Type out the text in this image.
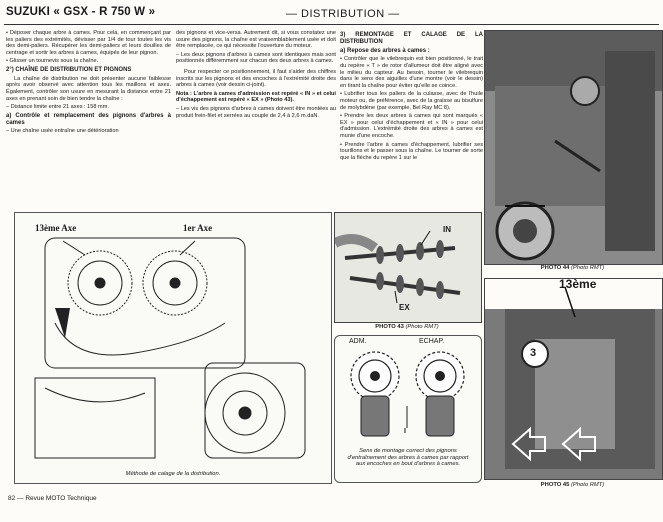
SUZUKI « GSX - R 750 W »	— DISTRIBUTION —

• Déposer chaque arbre à cames. Pour cela, en commençant par les paliers des extrémités, dévisser par 1/4 de tour toutes les vis des demi-paliers. Récupérer les demi-paliers et leurs douilles de centrage et sortir les arbres à cames, équipés de leur pignon.

• Glisser un tournevis sous la chaîne.

2°) CHAÎNE DE DISTRIBUTION ET PIGNONS

La chaîne de distribution ne doit présenter aucune faiblesse après avoir observé avec attention tous les maillons et axes. Également, contrôler son usure en mesurant la distance entre 21 axes en prenant soin de bien tendre la chaîne :

– Distance limite entre 21 axes : 158 mm.

a) Contrôle et remplacement des pignons d'arbres à cames

– Une chaîne usée entraîne une détérioration

des pignons et vice-versa. Autrement dit, si vous constatez une usure des pignons, la chaîne est vraisemblablement usée et doit être remplacée, ce qui nécessite l'ouverture du moteur.

– Les deux pignons d'arbres à cames sont identiques mais sont positionnés différemment sur chacun des deux arbres à cames.

Pour respecter ce positionnement, il faut s'aider des chiffres inscrits sur les pignons et des encoches à l'extrémité droite des arbres à cames (voir dessin ci-joint).

Nota : L'arbre à cames d'admission est repéré « IN » et celui d'échappement est repéré « EX » (Photo 43).

– Les vis des pignons d'arbres à cames doivent être montées au produit frein-filet et serrées au couple de 2,4 à 2,6 m.daN.

3) REMONTAGE ET CALAGE DE LA DISTRIBUTION
a) Repose des arbres à cames :

• Contrôler que le vilebrequin est bien positionné, le trait du repère « T » de rotor d'allumeur doit être aligné avec le milieu du capteur. Au besoin, tourner le vilebrequin dans le sens des aiguilles d'une montre (voir le dessin) en tirant la chaîne pour éviter qu'elle se coince.

• Lubrifier tous les paliers de la culasse, avec de l'huile moteur ou, de préférence, avec de la graisse au bisulfure de molybdène (par exemple, Bel Ray MC 8).

• Prendre les deux arbres à cames qui sont marqués « EX » pour celui d'échappement et « IN » pour celui d'admission. L'extrémité droite des arbres à cames est munie d'une encoche.

• Prendre l'arbre à cames d'échappement, lubrifier ses tourillons et le passer sous la chaîne. Le tourner de sorte que la flèche du repère 1 sur le

PHOTO 44 (Photo RMT)
13ème
3
PHOTO 45 (Photo RMT)
IN
EX
PHOTO 43 (Photo RMT)
13ème Axe	1er Axe
Méthode de calage de la distribution.
ADM.	ECHAP.
I
Sens de montage correct des pignons d'entraînement des arbres à cames par rapport aux encoches en bout d'arbres à cames.
82 — Revue MOTO Technique
